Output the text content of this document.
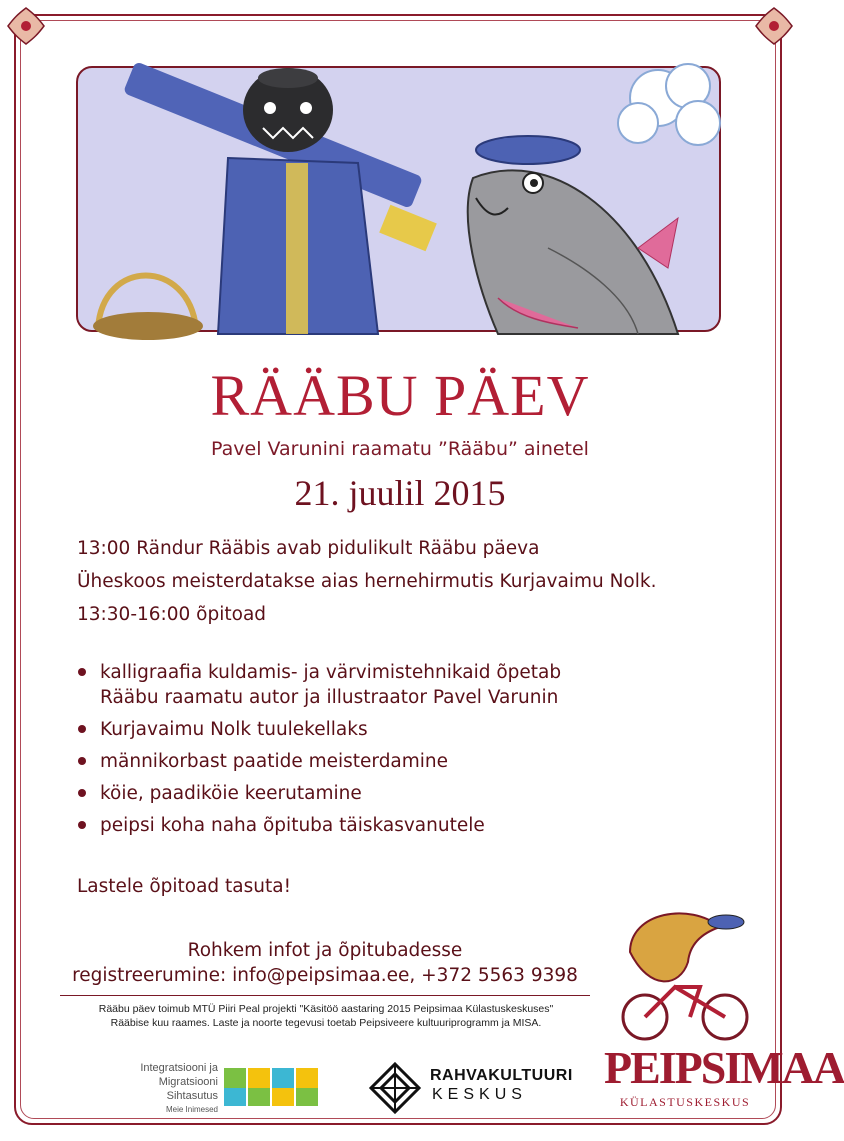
RÄÄBU PÄEV
Pavel Varunini raamatu ”Rääbu” ainetel
21. juulil 2015
13:00 Rändur Rääbis avab pidulikult Rääbu päeva
Üheskoos meisterdatakse aias hernehirmutis Kurjavaimu Nolk.
13:30-16:00 õpitoad
kalligraafia kuldamis- ja värvimistehnikaid õpetab
Rääbu raamatu autor ja illustraator Pavel Varunin
Kurjavaimu Nolk tuulekellaks
männikorbast paatide meisterdamine
köie, paadiköie keerutamine
peipsi koha naha õpituba täiskasvanutele
Lastele õpitoad tasuta!
Rohkem infot ja õpitubadesse
registreerumine: info@peipsimaa.ee, +372 5563 9398
Rääbu päev toimub MTÜ Piiri Peal projekti "Käsitöö aastaring 2015 Peipsimaa Külastuskeskuses"
Rääbise kuu raames. Laste ja noorte tegevusi toetab Peipsiveere kultuuriprogramm ja MISA.
Integratsiooni ja
Migratsiooni Sihtasutus
Meie Inimesed
RAHVAKULTUURI
KESKUS
PEIPSIMAA
KÜLASTUSKESKUS
